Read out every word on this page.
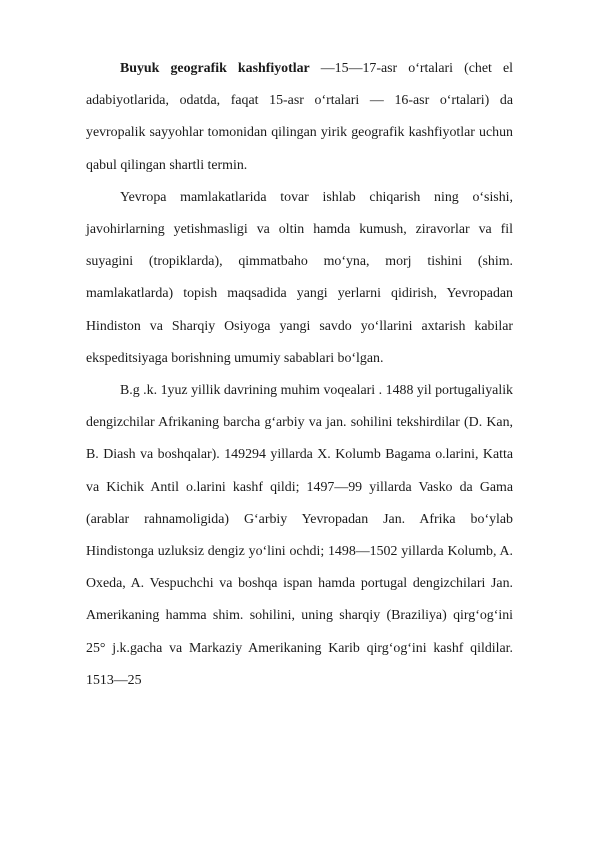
Buyuk geografik kashfiyotlar —15—17-asr o‘rtalari (chet el adabiyotlarida, odatda, faqat 15-asr o‘rtalari — 16-asr o‘rtalari) da yevropalik sayyohlar tomonidan qilingan yirik geografik kashfiyotlar uchun qabul qilingan shartli termin.

Yevropa mamlakatlarida tovar ishlab chiqarish ning o‘sishi, javohirlarning yetishmasligi va oltin hamda kumush, ziravorlar va fil suyagini (tropiklarda), qimmatbaho mo‘yna, morj tishini (shim. mamlakatlarda) topish maqsadida yangi yerlarni qidirish, Yevropadan Hindiston va Sharqiy Osiyoga yangi savdo yo‘llarini axtarish kabilar ekspeditsiyaga borishning umumiy sabablari bo‘lgan.

B.g .k. 1yuz yillik davrining muhim voqealari . 1488 yil portugaliyalik dengizchilar Afrikaning barcha g‘arbiy va jan. sohilini tekshirdilar (D. Kan, B. Diash va boshqalar). 149294 yillarda X. Kolumb Bagama o.larini, Katta va Kichik Antil o.larini kashf qildi; 1497—99 yillarda Vasko da Gama (arablar rahnamoligida) G‘arbiy Yevropadan Jan. Afrika bo‘ylab Hindistonga uzluksiz dengiz yo‘lini ochdi; 1498—1502 yillarda Kolumb, A. Oxeda, A. Vespuchchi va boshqa ispan hamda portugal dengizchilari Jan. Amerikaning hamma shim. sohilini, uning sharqiy (Braziliya) qirg‘og‘ini 25° j.k.gacha va Markaziy Amerikaning Karib qirg‘og‘ini kashf qildilar. 1513—25
